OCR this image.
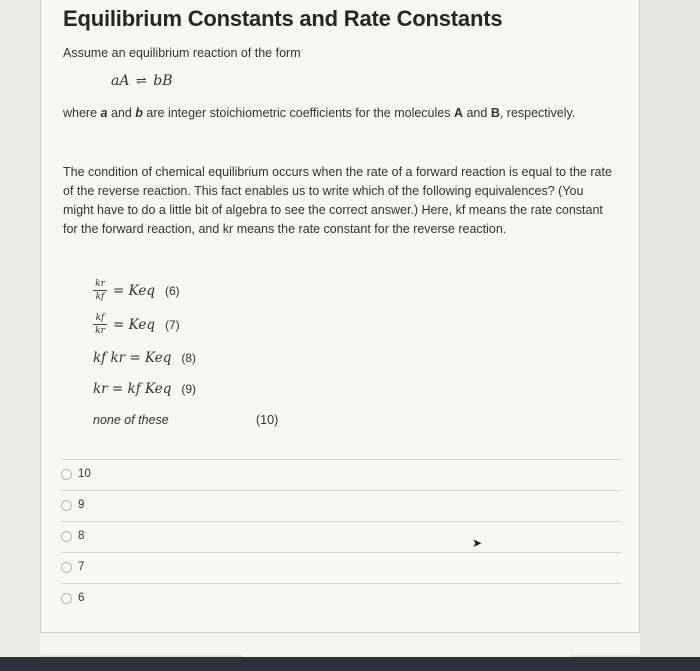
Equilibrium Constants and Rate Constants
Assume an equilibrium reaction of the form
aA ⇌ bB
where a and b are integer stoichiometric coefficients for the molecules A and B, respectively.
The condition of chemical equilibrium occurs when the rate of a forward reaction is equal to the rate of the reverse reaction. This fact enables us to write which of the following equivalences? (You might have to do a little bit of algebra to see the correct answer.) Here, kf means the rate constant for the forward reaction, and kr means the rate constant for the reverse reaction.
$\frac{kr}{kf}$ = Keq (6)
$\frac{kf}{kr}$ = Keq (7)
kf kr = Keq (8)
kr = kf Keq (9)
none of these	(10)
10
9
8
7
6
➤
